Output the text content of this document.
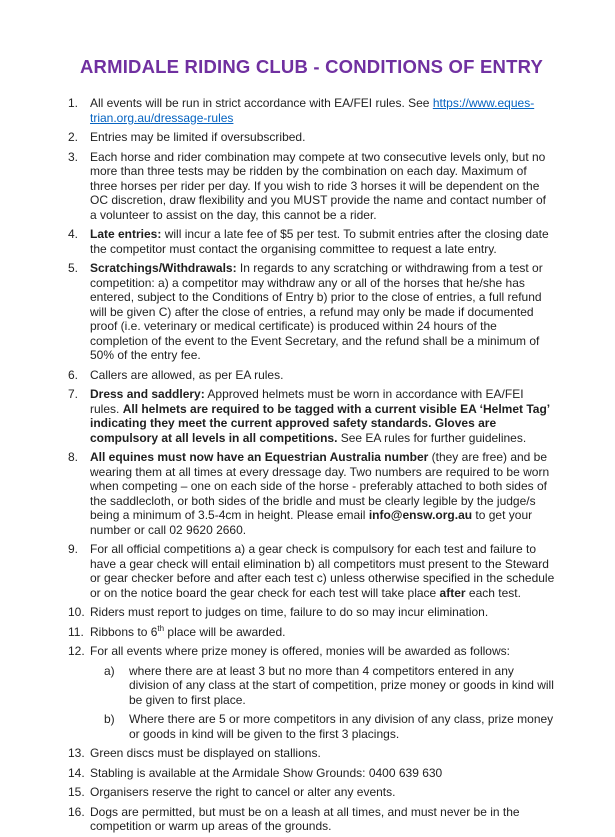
ARMIDALE RIDING CLUB - CONDITIONS OF ENTRY
1. All events will be run in strict accordance with EA/FEI rules. See https://www.eques-
trian.org.au/dressage-rules
2. Entries may be limited if oversubscribed.
3. Each horse and rider combination may compete at two consecutive levels only, but no more than three tests may be ridden by the combination on each day. Maximum of three horses per rider per day. If you wish to ride 3 horses it will be dependent on the OC discretion, draw flexibility and you MUST provide the name and contact number of a volunteer to assist on the day, this cannot be a rider.
4. Late entries: will incur a late fee of $5 per test. To submit entries after the closing date the competitor must contact the organising committee to request a late entry.
5. Scratchings/Withdrawals: In regards to any scratching or withdrawing from a test or competition: a) a competitor may withdraw any or all of the horses that he/she has entered, subject to the Conditions of Entry b) prior to the close of entries, a full refund will be given C) after the close of entries, a refund may only be made if documented proof (i.e. veterinary or medical certificate) is produced within 24 hours of the completion of the event to the Event Secretary, and the refund shall be a minimum of 50% of the entry fee.
6. Callers are allowed, as per EA rules.
7. Dress and saddlery: Approved helmets must be worn in accordance with EA/FEI rules. All helmets are required to be tagged with a current visible EA ‘Helmet Tag’ indicating they meet the current approved safety standards. Gloves are compulsory at all levels in all competitions. See EA rules for further guidelines.
8. All equines must now have an Equestrian Australia number (they are free) and be wearing them at all times at every dressage day. Two numbers are required to be worn when competing – one on each side of the horse - preferably attached to both sides of the saddlecloth, or both sides of the bridle and must be clearly legible by the judge/s being a minimum of 3.5-4cm in height. Please email info@ensw.org.au to get your number or call 02 9620 2660.
9. For all official competitions a) a gear check is compulsory for each test and failure to have a gear check will entail elimination b) all competitors must present to the Steward or gear checker before and after each test c) unless otherwise specified in the schedule or on the notice board the gear check for each test will take place after each test.
10. Riders must report to judges on time, failure to do so may incur elimination.
11. Ribbons to 6th place will be awarded.
12. For all events where prize money is offered, monies will be awarded as follows:
a)	where there are at least 3 but no more than 4 competitors entered in any division of any class at the start of competition, prize money or goods in kind will be given to first place.
b)	Where there are 5 or more competitors in any division of any class, prize money or goods in kind will be given to the first 3 placings.
13. Green discs must be displayed on stallions.
14. Stabling is available at the Armidale Show Grounds: 0400 639 630
15. Organisers reserve the right to cancel or alter any events.
16. Dogs are permitted, but must be on a leash at all times, and must never be in the competition or warm up areas of the grounds.
